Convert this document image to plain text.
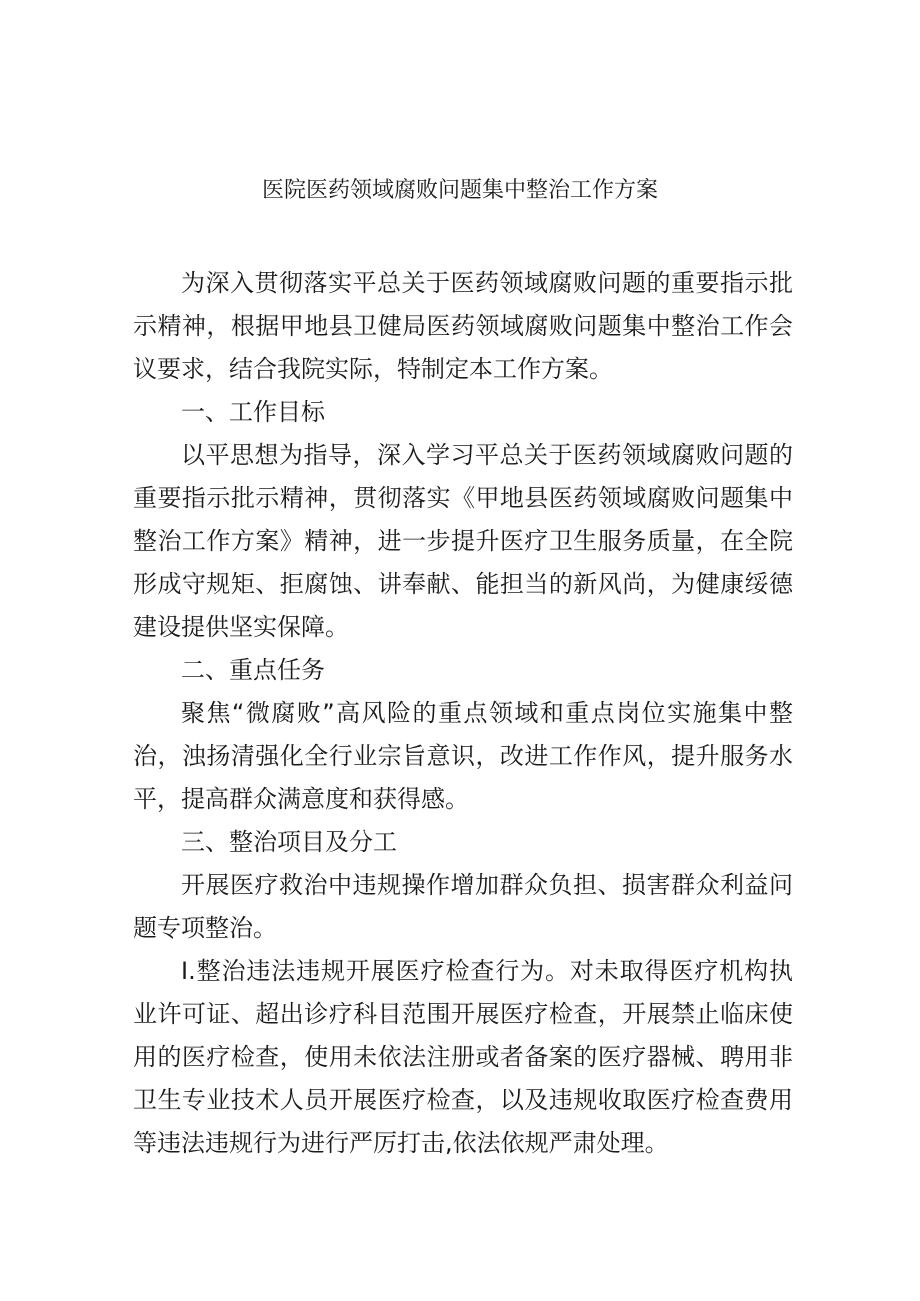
医院医药领域腐败问题集中整治工作方案

为深入贯彻落实平总关于医药领域腐败问题的重要指示批示精神，根据甲地县卫健局医药领域腐败问题集中整治工作会议要求，结合我院实际，特制定本工作方案。

一、工作目标

以平思想为指导，深入学习平总关于医药领域腐败问题的重要指示批示精神，贯彻落实《甲地县医药领域腐败问题集中整治工作方案》精神，进一步提升医疗卫生服务质量，在全院形成守规矩、拒腐蚀、讲奉献、能担当的新风尚，为健康绥德建设提供坚实保障。

二、重点任务

聚焦“微腐败”高风险的重点领域和重点岗位实施集中整治，浊扬清强化全行业宗旨意识，改进工作作风，提升服务水平，提高群众满意度和获得感。

三、整治项目及分工

开展医疗救治中违规操作增加群众负担、损害群众利益问题专项整治。

I.整治违法违规开展医疗检查行为。对未取得医疗机构执业许可证、超出诊疗科目范围开展医疗检查，开展禁止临床使用的医疗检查，使用未依法注册或者备案的医疗器械、聘用非卫生专业技术人员开展医疗检查，以及违规收取医疗检查费用等违法违规行为进行严厉打击,依法依规严肃处理。
